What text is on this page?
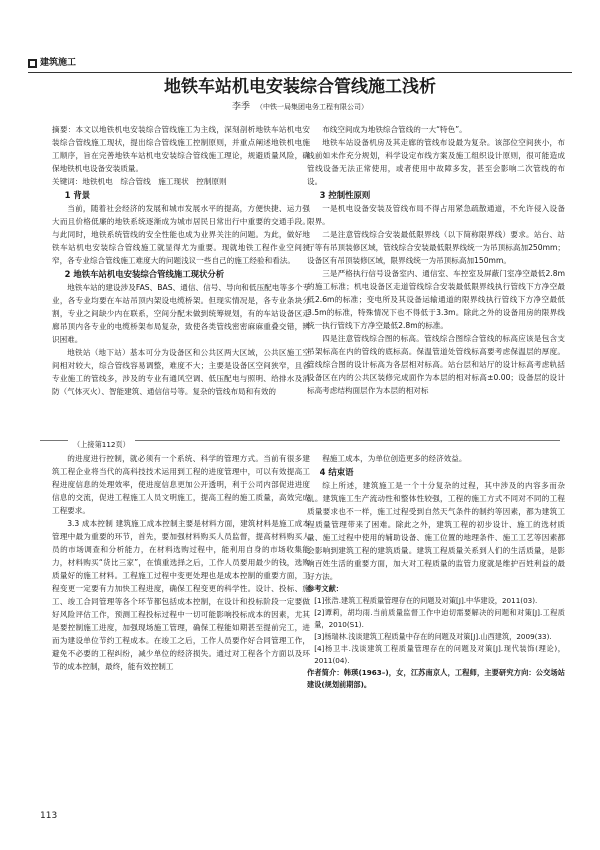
建筑施工
地铁车站机电安装综合管线施工浅析
李季 （中铁一局集团电务工程有限公司）

摘要：本文以地铁机电安装综合管线施工为主线，深刻剖析地铁车站机电安装综合管线施工现状，提出综合管线施工控制原则，并重点阐述地铁机电施工顺序，旨在完善地铁车站机电安装综合管线施工理论，规避质量风险，确保地铁机电设备安装质量。

关键词：地铁机电　综合管线　施工现状　控制原则

1 背景

当前，随着社会经济的发展和城市发展水平的提高，方便快捷、运力强大而且价格低廉的地铁系统逐渐成为城市居民日常出行中重要的交通手段。与此同时，地铁系统管线的安全性能也成为业界关注的问题。为此，做好地铁车站机电安装综合管线施工就显得尤为重要。现就地铁工程作业空间狭窄，各专业综合管线施工难度大的问题浅议一些自己的施工经验和看法。

2 地铁车站机电安装综合管线施工现状分析

地铁车站的建设涉及FAS、BAS、通信、信号、导向和低压配电等多个专业，各专业均要在车站吊顶内架设电缆桥架。但现实情况是，各专业条块分割，专业之间缺少内在联系，空间分配未做到统筹规划，有的车站设备区走廊吊顶内各专业的电缆桥架布局复杂，致使各类管线密密麻麻重叠交错，辨识困难。

地铁站（地下站）基本可分为设备区和公共区两大区域，公共区施工空间相对较大，综合管线容易调整，难度不大；主要是设备区空间狭窄，且各专业施工的管线多，涉及的专业有通风空调、低压配电与照明、给排水及消防（气体灭火）、智能建筑、通信信号等。复杂的管线布局和有效的

布线空间成为地铁综合管线的一大“特色”。

地铁车站设备机房及其走廊的管线布设最为复杂。该部位空间狭小，布线前如未作充分规划，科学设定布线方案及施工组织设计原则，很可能造成管线设备无法正常使用，或者使用中故障多发，甚至会影响二次管线的布设。

3 控制性原则

一是机电设备安装及管线布局不得占用紧急疏散通道，不允许侵入设备限界。

二是注意管线综合安装最低限界线（以下简称限界线）要求。站台、站厅等有吊顶装修区域，管线综合安装最低限界线统一为吊顶标高加250mm；设备区有吊顶装修区域，限界线统一为吊顶标高加150mm。

三是严格执行信号设备室内、通信室、车控室及屏蔽门室净空最低2.8m的施工标准；机电设备区走道管线综合安装最低限界线执行管线下方净空最低2.6m的标准；变电所及其设备运输通道的限界线执行管线下方净空最低3.5m的标准，特殊情况下也不得低于3.3m。除此之外的设备用房的限界线统一执行管线下方净空最低2.8m的标准。

四是注意管线综合图的标高。管线综合图综合管线的标高应该是包含支吊架标高在内的管线的底标高。保温管道处管线标高要考虑保温层的厚度。管线综合图的设计标高为各层相对标高。站台层和站厅的设计标高考虑轨括设备区在内的公共区装修完成面作为本层的相对标高±0.00；设备层的设计标高考虑结构面层作为本层的相对标

（上接第112页）

的进度进行控制，就必须有一个系统、科学的管理方式。当前有很多建筑工程企业将当代的高科技技术运用到工程的进度管理中，可以有效提高工程进度信息的处理效率，使进度信息更加公开透明，利于公司内部促进进度信息的交流，促进工程施工人员文明施工，提高工程的施工质量，高效完成工程要求。

3.3 成本控制 建筑施工成本控制主要是材料方面，建筑材料是施工成本管理中最为重要的环节，首先，要加强材料购买人员监督，提高材料购买人员的市场调查和分析能力，在材料选购过程中，能利用自身的市场收集能力，材料购买“货比三家”，在慎重选择之后，工作人员要用最少的钱，选购质量好的施工材料。工程施工过程中变更处理也是成本控制的重要方面，工程变更一定要有力加快工程进度，确保工程变更的科学性。设计、投标、施工、竣工合同管理等各个环节都包括成本控制，在设计和投标阶段一定要做好风险评估工作，预测工程投标过程中一切可能影响投标成本的因素，尤其是要控制施工进度，加强现场施工管理，确保工程能如期甚至提前完工，进而为建设单位节约工程成本。在竣工之后，工作人员要作好合同管理工作，避免不必要的工程纠纷，减少单位的经济损失。通过对工程各个方面以及环节的成本控制，最终，能有效控制工

程施工成本，为单位创造更多的经济效益。

4 结束语

综上所述，建筑施工是一个十分复杂的过程，其中涉及的内容多而杂乱。建筑施工生产流动性和整体性较强，工程的施工方式不同对不同的工程质量要求也不一样，施工过程受到自然天气条件的制约等因素，都为建筑工程质量管理带来了困难。除此之外，建筑工程的初步设计、施工的选材质量、施工过程中使用的辅助设备、施工位置的地理条件、施工工艺等因素都会影响到建筑工程的建筑质量。建筑工程质量关系到人们的生活质量，是影响百姓生活的重要方面，加大对工程质量的监管力度就是维护百姓利益的最好方法。

参考文献：

[1]张浩.建筑工程质量管理存在的问题及对策[J].中华建设，2011(03).

[2]谭莉，胡均雨.当前质量监督工作中迫切需要解决的问题和对策[J].工程质量，2010(S1).

[3]杨瑞林.浅谈建筑工程质量中存在的问题及对策[J].山西建筑，2009(33).

[4]杨卫丰.浅谈建筑工程质量管理存在的问题及对策[J].现代装饰(理论)，2011(04).

作者简介：韩瑛(1963–)，女，江苏南京人，工程师，主要研究方向：公交场站建设(规划前期部)。

113
